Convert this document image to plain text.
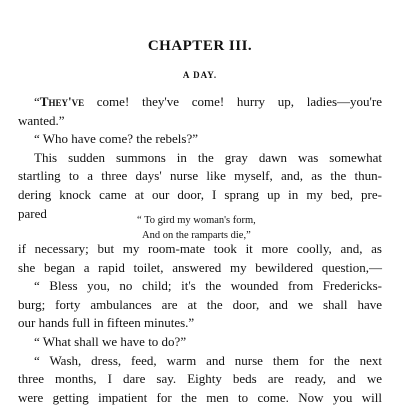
CHAPTER III.
A DAY.
“They've come! they've come! hurry up, ladies—you're
wanted.”
“ Who have come? the rebels?”
This sudden summons in the gray dawn was somewhat
startling to a three days' nurse like myself, and, as the thun-
dering knock came at our door, I sprang up in my bed, pre-
pared	“ To gird my woman's form,
And on the ramparts die,”
if necessary; but my room-mate took it more coolly, and, as
she began a rapid toilet, answered my bewildered question,—
“ Bless you, no child; it's the wounded from Fredericks-
burg; forty ambulances are at the door, and we shall have
our hands full in fifteen minutes.”
“ What shall we have to do?”
“ Wash, dress, feed, warm and nurse them for the next
three months, I dare say. Eighty beds are ready, and we
were getting impatient for the men to come. Now you will
